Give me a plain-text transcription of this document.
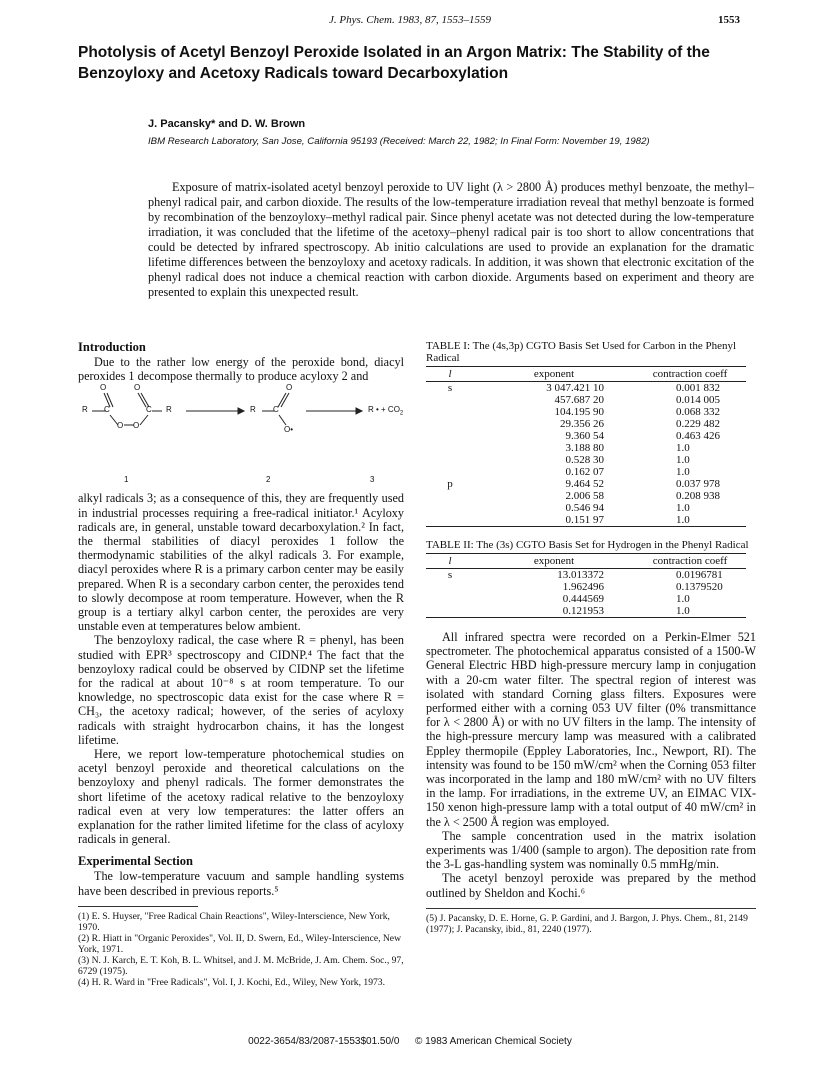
J. Phys. Chem. 1983, 87, 1553–1559	1553
Photolysis of Acetyl Benzoyl Peroxide Isolated in an Argon Matrix: The Stability of the Benzoyloxy and Acetoxy Radicals toward Decarboxylation
J. Pacansky* and D. W. Brown
IBM Research Laboratory, San Jose, California 95193 (Received: March 22, 1982; In Final Form: November 19, 1982)
Exposure of matrix-isolated acetyl benzoyl peroxide to UV light (λ > 2800 Å) produces methyl benzoate, the methyl–phenyl radical pair, and carbon dioxide. The results of the low-temperature irradiation reveal that methyl benzoate is formed by recombination of the benzoyloxy–methyl radical pair. Since phenyl acetate was not detected during the low-temperature irradiation, it was concluded that the lifetime of the acetoxy–phenyl radical pair is too short to allow concentrations that could be detected by infrared spectroscopy. Ab initio calculations are used to provide an explanation for the dramatic lifetime differences between the benzoyloxy and acetoxy radicals. In addition, it was shown that electronic excitation of the phenyl radical does not induce a chemical reaction with carbon dioxide. Arguments based on experiment and theory are presented to explain this unexpected result.
Introduction

Due to the rather low energy of the peroxide bond, diacyl peroxides 1 decompose thermally to produce acyloxy 2 and

R C
O
O O
C
O
R	R C
O
O•
R • + $CO_2$
1	2	3

alkyl radicals 3; as a consequence of this, they are frequently used in industrial processes requiring a free-radical initiator.¹ Acyloxy radicals are, in general, unstable toward decarboxylation.² In fact, the thermal stabilities of diacyl peroxides 1 follow the thermodynamic stabilities of the alkyl radicals 3. For example, diacyl peroxides where R is a primary carbon center may be easily prepared. When R is a secondary carbon center, the peroxides tend to slowly decompose at room temperature. However, when the R group is a tertiary alkyl carbon center, the peroxides are very unstable even at temperatures below ambient.

The benzoyloxy radical, the case where R = phenyl, has been studied with EPR³ spectroscopy and CIDNP.⁴ The fact that the benzoyloxy radical could be observed by CIDNP set the lifetime for the radical at about 10⁻⁸ s at room temperature. To our knowledge, no spectroscopic data exist for the case where R = CH₃, the acetoxy radical; however, of the series of acyloxy radicals with straight hydrocarbon chains, it has the longest lifetime.

Here, we report low-temperature photochemical studies on acetyl benzoyl peroxide and theoretical calculations on the benzoyloxy and phenyl radicals. The former demonstrates the short lifetime of the acetoxy radical relative to the benzoyloxy radical even at very low temperatures: the latter offers an explanation for the rather limited lifetime for the class of acyloxy radicals in general.

Experimental Section

The low-temperature vacuum and sample handling systems have been described in previous reports.⁵

(1) E. S. Huyser, "Free Radical Chain Reactions", Wiley-Interscience, New York, 1970.

(2) R. Hiatt in "Organic Peroxides", Vol. II, D. Swern, Ed., Wiley-Interscience, New York, 1971.

(3) N. J. Karch, E. T. Koh, B. L. Whitsel, and J. M. McBride, J. Am. Chem. Soc., 97, 6729 (1975).

(4) H. R. Ward in "Free Radicals", Vol. I, J. Kochi, Ed., Wiley, New York, 1973.

TABLE I: The (4s,3p) CGTO Basis Set Used for Carbon in the Phenyl Radical

l	exponent	contraction coeff
s	3 047.421 10	0.001 832
	457.687 20	0.014 005
	104.195 90	0.068 332
	29.356 26	0.229 482
	9.360 54	0.463 426
	3.188 80	1.0
	0.528 30	1.0
	0.162 07	1.0
p	9.464 52	0.037 978
	2.006 58	0.208 938
	0.546 94	1.0
	0.151 97	1.0

TABLE II: The (3s) CGTO Basis Set for Hydrogen in the Phenyl Radical

l	exponent	contraction coeff
s	13.013372	0.0196781
	1.962496	0.1379520
	0.444569	1.0
	0.121953	1.0

All infrared spectra were recorded on a Perkin-Elmer 521 spectrometer. The photochemical apparatus consisted of a 1500-W General Electric HBD high-pressure mercury lamp in conjugation with a 20-cm water filter. The spectral region of interest was isolated with standard Corning glass filters. Exposures were performed either with a corning 053 UV filter (0% transmittance for λ < 2800 Å) or with no UV filters in the lamp. The intensity of the high-pressure mercury lamp was measured with a calibrated Eppley thermopile (Eppley Laboratories, Inc., Newport, RI). The intensity was found to be 150 mW/cm² when the Corning 053 filter was incorporated in the lamp and 180 mW/cm² with no UV filters in the lamp. For irradiations, in the extreme UV, an EIMAC VIX-150 xenon high-pressure lamp with a total output of 40 mW/cm² in the λ < 2500 Å region was employed.

The sample concentration used in the matrix isolation experiments was 1/400 (sample to argon). The deposition rate from the 3-L gas-handling system was nominally 0.5 mmHg/min.

The acetyl benzoyl peroxide was prepared by the method outlined by Sheldon and Kochi.⁶

(5) J. Pacansky, D. E. Horne, G. P. Gardini, and J. Bargon, J. Phys. Chem., 81, 2149 (1977); J. Pacansky, ibid., 81, 2240 (1977).

0022-3654/83/2087-1553$01.50/0 © 1983 American Chemical Society
